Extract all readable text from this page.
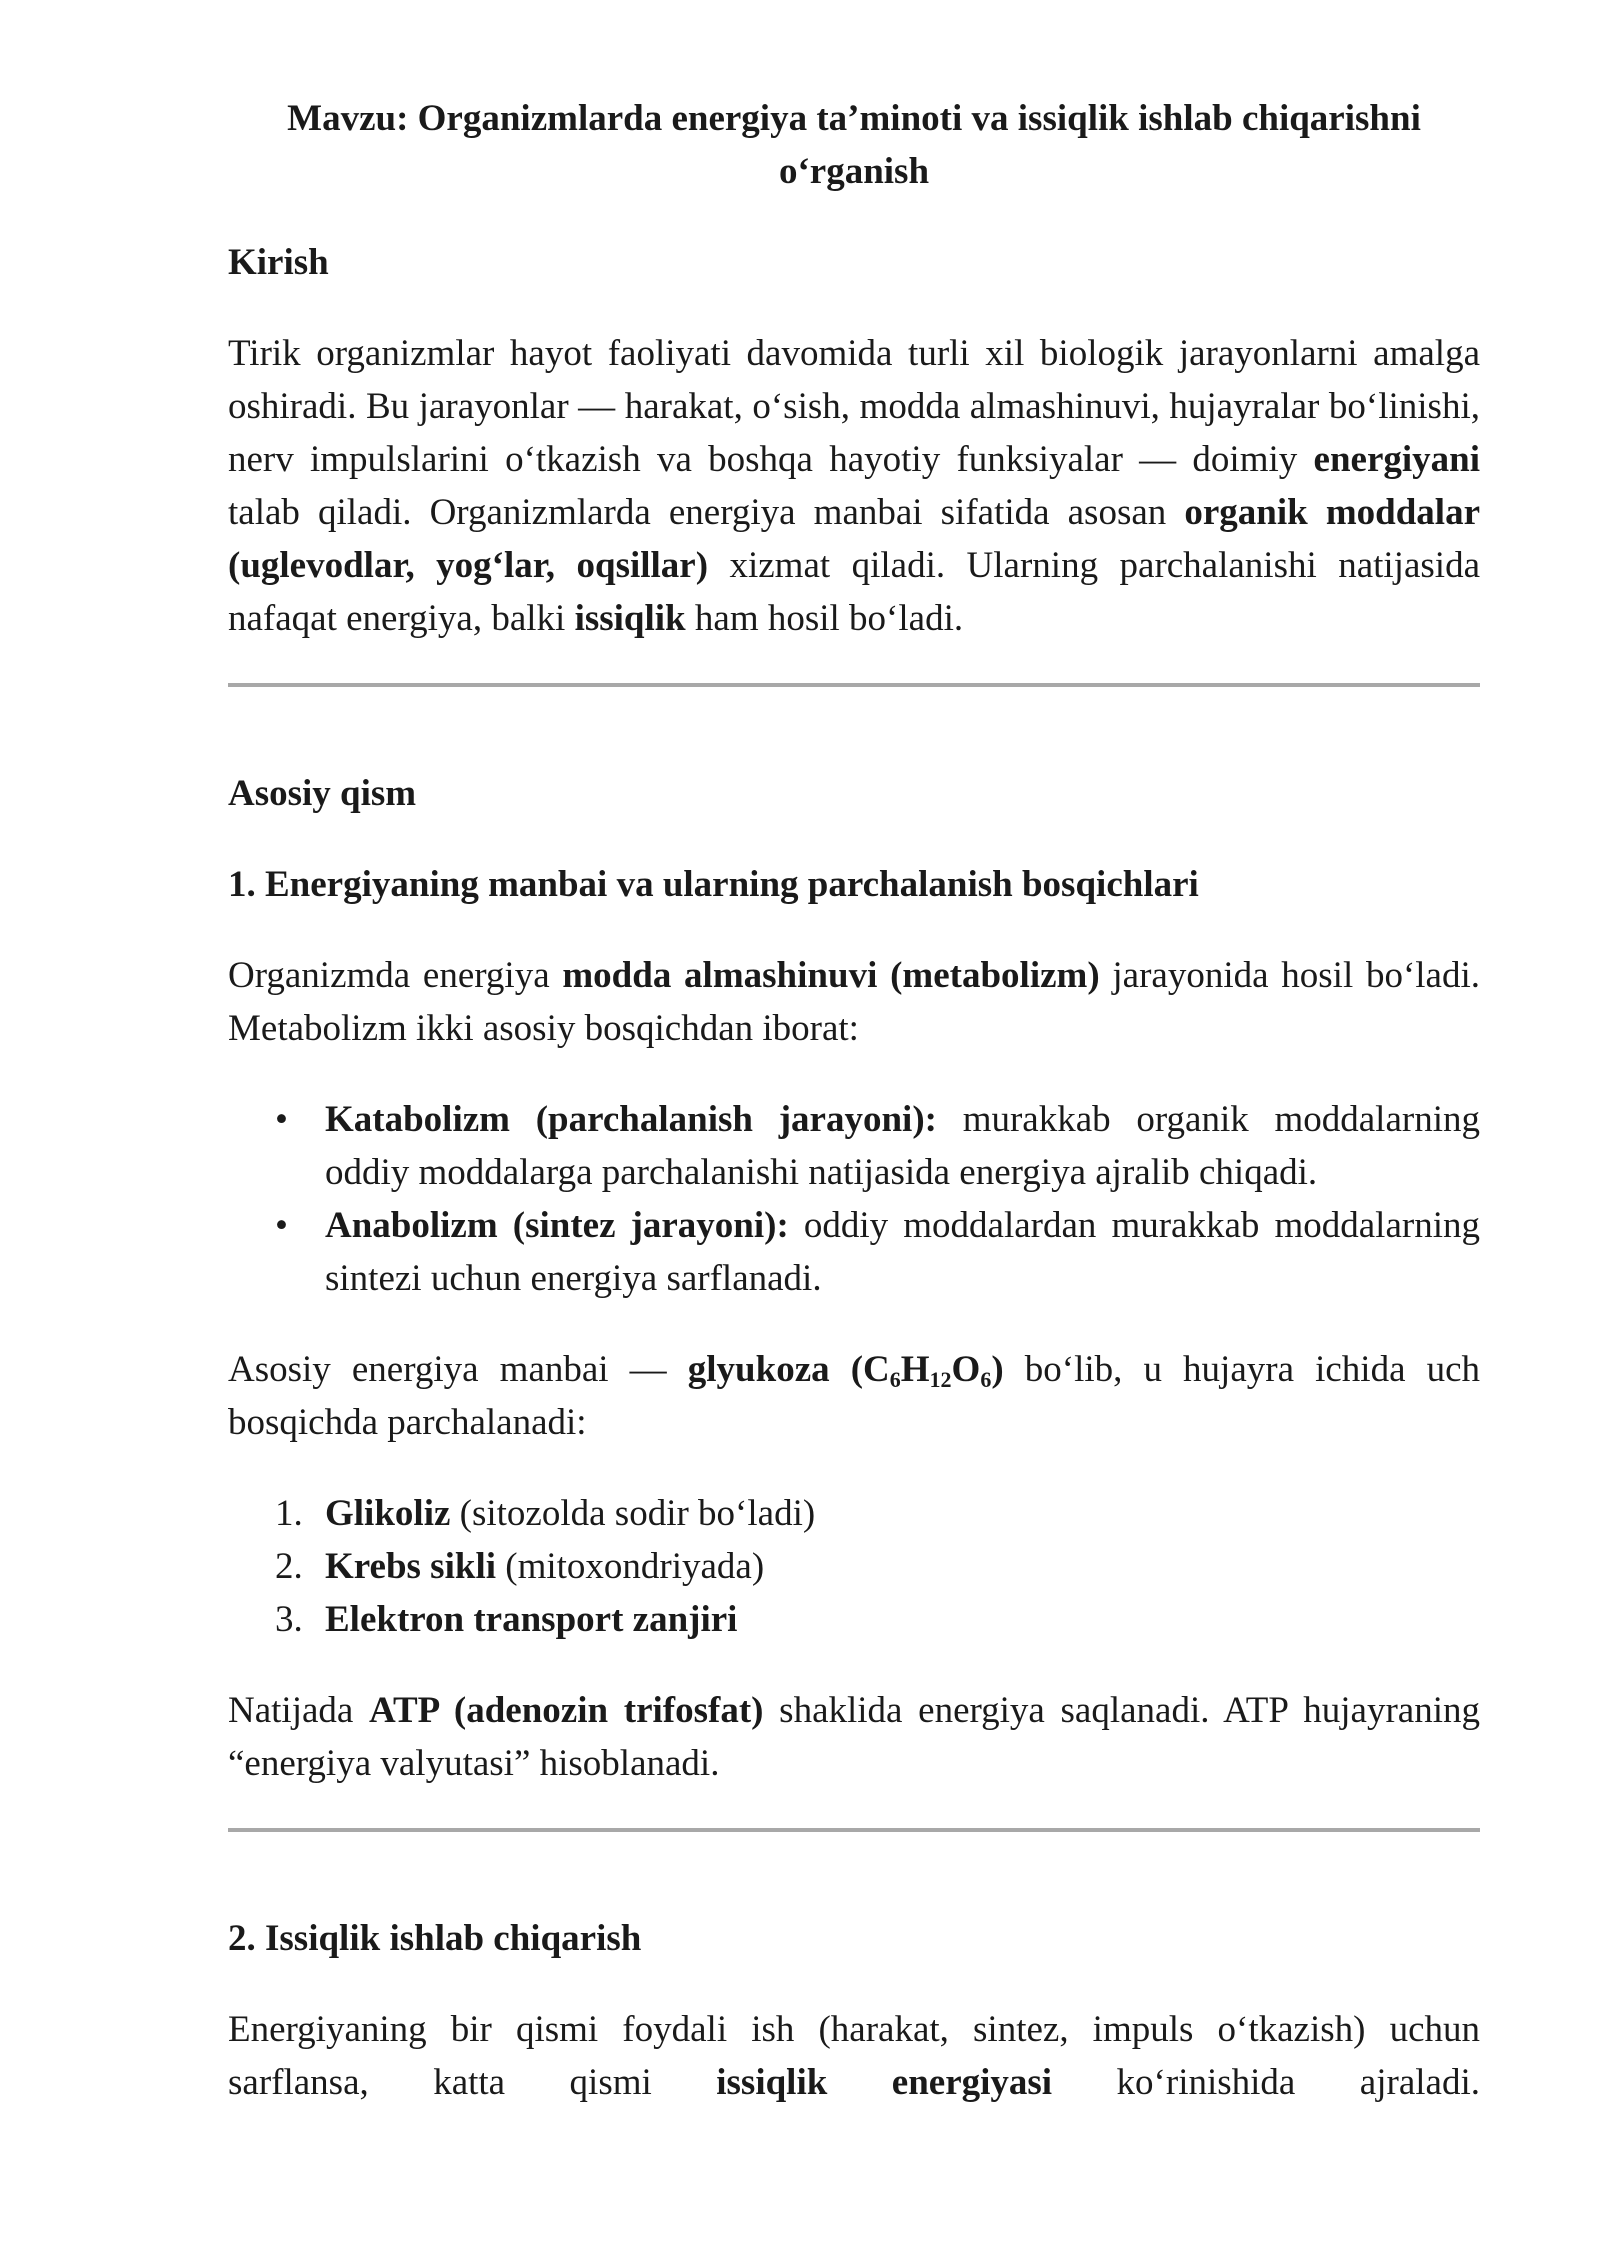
Mavzu: Organizmlarda energiya ta’minoti va issiqlik ishlab chiqarishni
o‘rganish
Kirish

Tirik organizmlar hayot faoliyati davomida turli xil biologik jarayonlarni amalga oshiradi. Bu jarayonlar — harakat, o‘sish, modda almashinuvi, hujayralar bo‘linishi, nerv impulslarini o‘tkazish va boshqa hayotiy funksiyalar — doimiy energiyani talab qiladi. Organizmlarda energiya manbai sifatida asosan organik moddalar (uglevodlar, yog‘lar, oqsillar) xizmat qiladi. Ularning parchalanishi natijasida nafaqat energiya, balki issiqlik ham hosil bo‘ladi.

Asosiy qism
1. Energiyaning manbai va ularning parchalanish bosqichlari

Organizmda energiya modda almashinuvi (metabolizm) jarayonida hosil bo‘ladi. Metabolizm ikki asosiy bosqichdan iborat:

• Katabolizm (parchalanish jarayoni): murakkab organik moddalarning oddiy moddalarga parchalanishi natijasida energiya ajralib chiqadi.
• Anabolizm (sintez jarayoni): oddiy moddalardan murakkab moddalarning sintezi uchun energiya sarflanadi.

Asosiy energiya manbai — glyukoza $(C_6H_{12}O_6)$ bo‘lib, u hujayra ichida uch bosqichda parchalanadi:

1. Glikoliz (sitozolda sodir bo‘ladi)
2. Krebs sikli (mitoxondriyada)
3. Elektron transport zanjiri

Natijada ATP (adenozin trifosfat) shaklida energiya saqlanadi. ATP hujayraning “energiya valyutasi” hisoblanadi.

2. Issiqlik ishlab chiqarish

Energiyaning bir qismi foydali ish (harakat, sintez, impuls o‘tkazish) uchun sarflansa, katta qismi issiqlik energiyasi ko‘rinishida ajraladi.
